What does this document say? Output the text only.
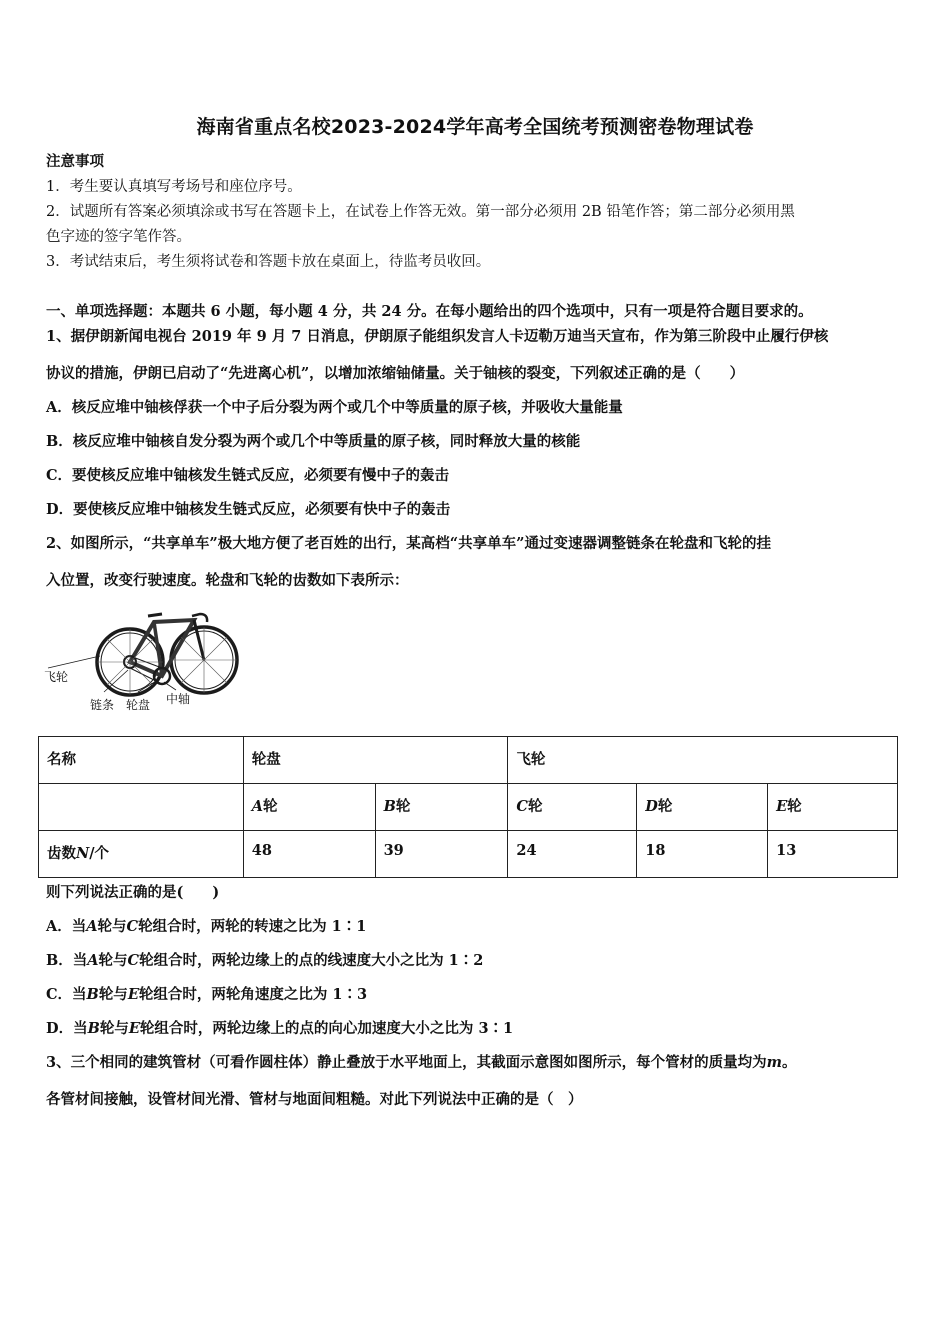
海南省重点名校2023-2024学年高考全国统考预测密卷物理试卷
注意事项
1．考生要认真填写考场号和座位序号。
2．试题所有答案必须填涂或书写在答题卡上，在试卷上作答无效。第一部分必须用 2B 铅笔作答；第二部分必须用黑
色字迹的签字笔作答。
3．考试结束后，考生须将试卷和答题卡放在桌面上，待监考员收回。
一、单项选择题：本题共 6 小题，每小题 4 分，共 24 分。在每小题给出的四个选项中，只有一项是符合题目要求的。
1、据伊朗新闻电视台 2019 年 9 月 7 日消息，伊朗原子能组织发言人卡迈勒万迪当天宣布，作为第三阶段中止履行伊核
协议的措施，伊朗已启动了“先进离心机”，以增加浓缩铀储量。关于铀核的裂变，下列叙述正确的是（　　）
A．核反应堆中铀核俘获一个中子后分裂为两个或几个中等质量的原子核，并吸收大量能量
B．核反应堆中铀核自发分裂为两个或几个中等质量的原子核，同时释放大量的核能
C．要使核反应堆中铀核发生链式反应，必须要有慢中子的轰击
D．要使核反应堆中铀核发生链式反应，必须要有快中子的轰击
2、如图所示，“共享单车”极大地方便了老百姓的出行，某高档“共享单车”通过变速器调整链条在轮盘和飞轮的挂
入位置，改变行驶速度。轮盘和飞轮的齿数如下表所示：
飞轮
链条 轮盘 中轴
名称	轮盘		飞轮		
	A轮	B轮	C轮	D轮	E轮
齿数N/个	48	39	24	18	13
则下列说法正确的是(　　)
A．当A轮与C轮组合时，两轮的转速之比为 1∶1
B．当A轮与C轮组合时，两轮边缘上的点的线速度大小之比为 1∶2
C．当B轮与E轮组合时，两轮角速度之比为 1∶3
D．当B轮与E轮组合时，两轮边缘上的点的向心加速度大小之比为 3∶1
3、三个相同的建筑管材（可看作圆柱体）静止叠放于水平地面上，其截面示意图如图所示，每个管材的质量均为m。
各管材间接触，设管材间光滑、管材与地面间粗糙。对此下列说法中正确的是（　）
